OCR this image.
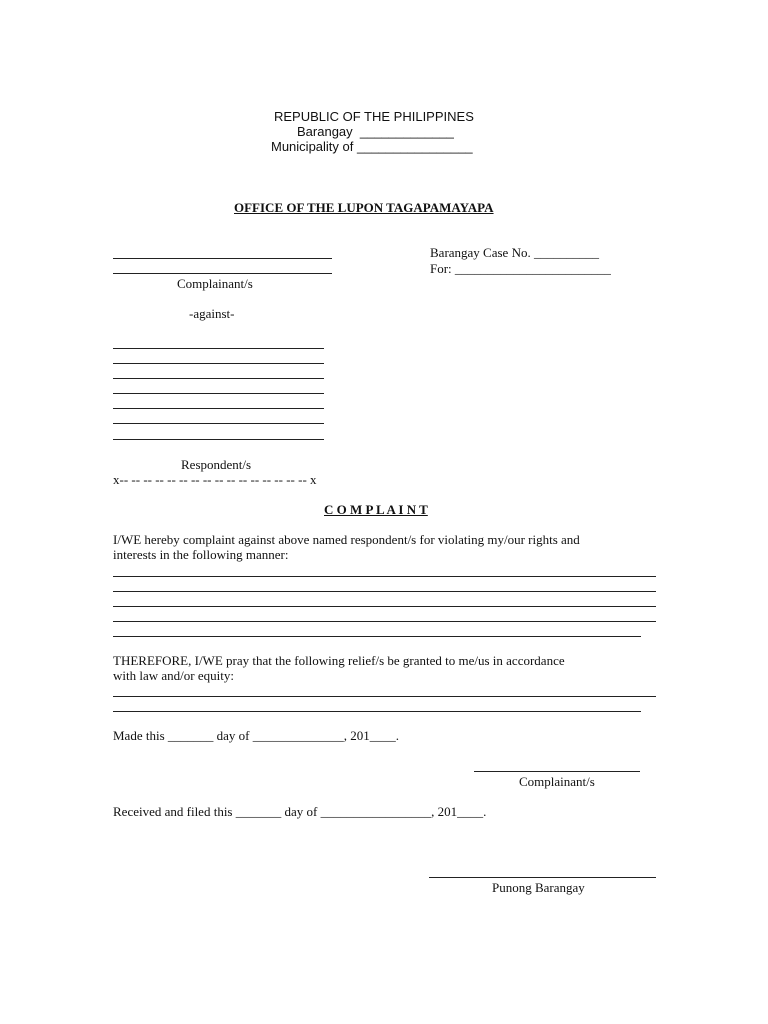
REPUBLIC OF THE PHILIPPINES
Barangay  _____________
Municipality of ________________
OFFICE OF THE LUPON TAGAPAMAYAPA
Complainant/s
Barangay Case No. __________
For: ________________________
-against-
Respondent/s
x-- -- -- -- -- -- -- -- -- -- -- -- -- -- -- -- x
C O M P L A I N T
I/WE hereby complaint against above named respondent/s for violating my/our rights and
interests in the following manner:
THEREFORE, I/WE pray that the following relief/s be granted to me/us in accordance
with law and/or equity:
Made this _______ day of ______________, 201____.
Complainant/s
Received and filed this _______ day of _________________, 201____.
Punong Barangay
